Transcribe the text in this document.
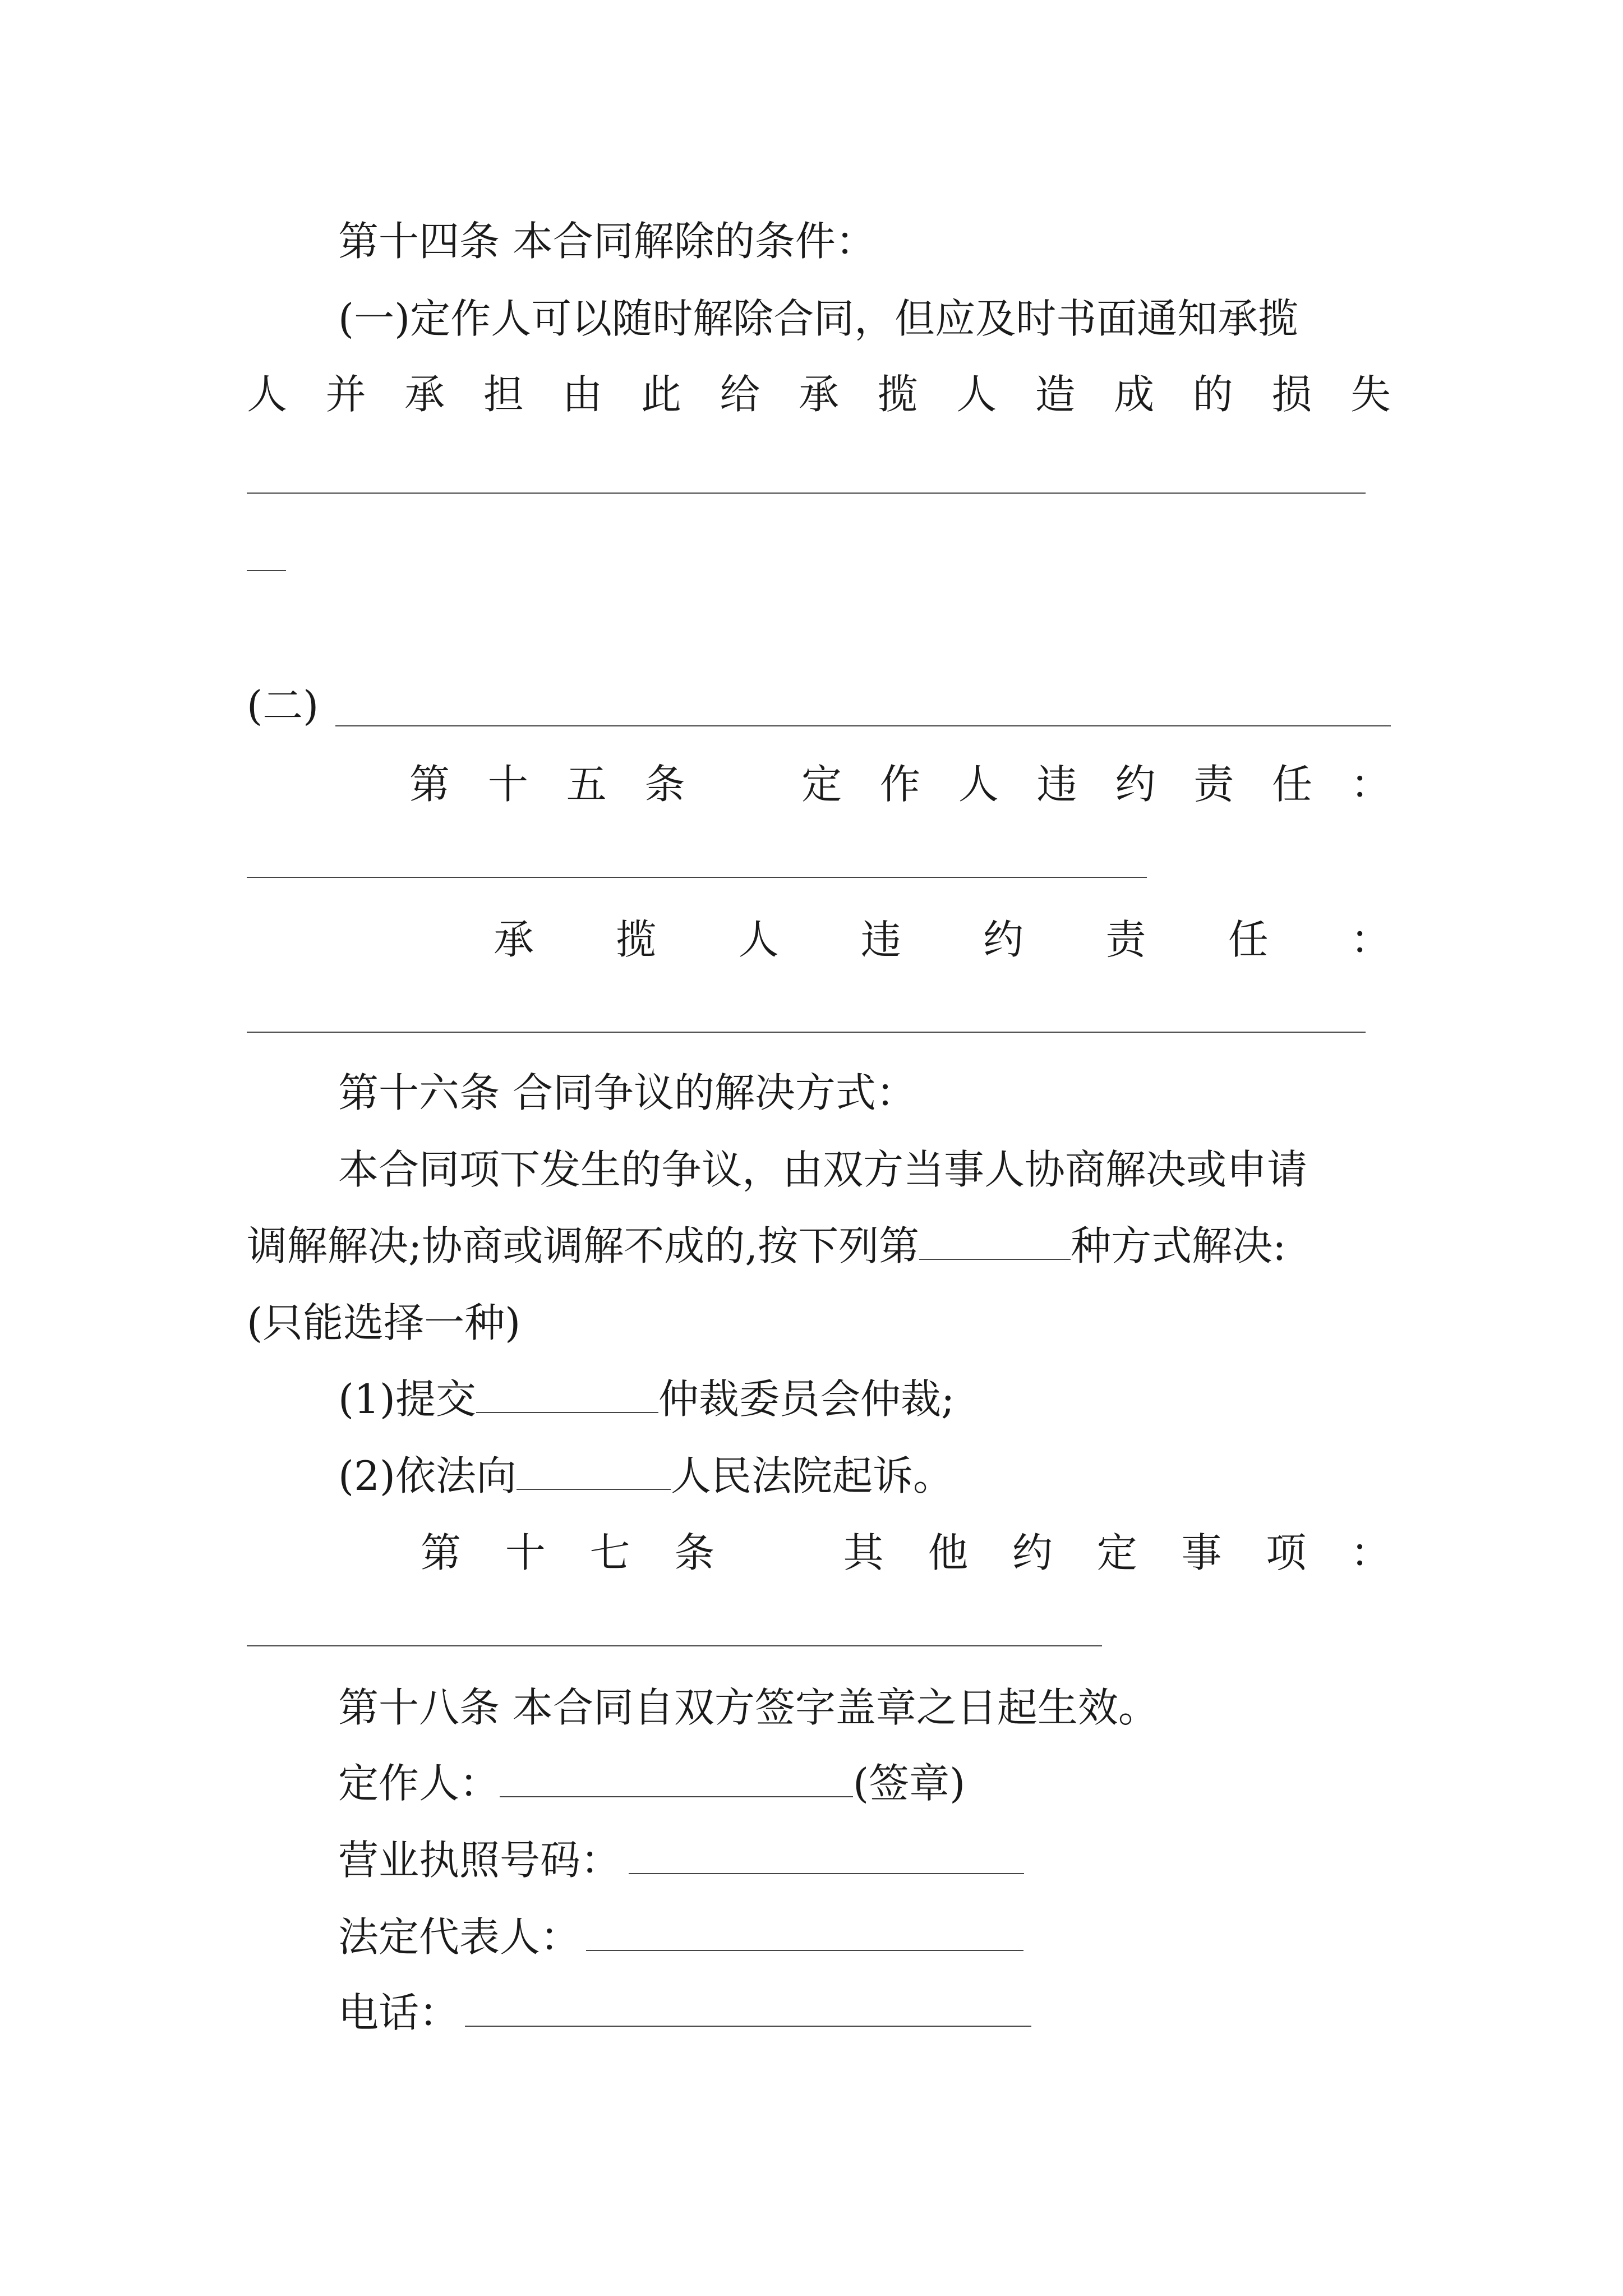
第十四条 本合同解除的条件：
(一)定作人可以随时解除合同，但应及时书面通知承揽
人 并 承 担 由 此 给 承 揽 人 造 成 的 损 失
(二)
第 十 五 条
　	定 作 人 违 约 责 任 ：
承 揽 人 违 约 责 任 ：
第十六条 合同争议的解决方式：
本合同项下发生的争议，由双方当事人协商解决或申请
调解解决;协商或调解不成的,按下列第	种方式解决:
(只能选择一种)
(1)提交	仲裁委员会仲裁;
(2)依法向	人民法院起诉。
第 十 七 条
　	其 他 约 定 事 项 ：
第十八条 本合同自双方签字盖章之日起生效。
定作人：	(签章)
营业执照号码：
法定代表人：
电话：
